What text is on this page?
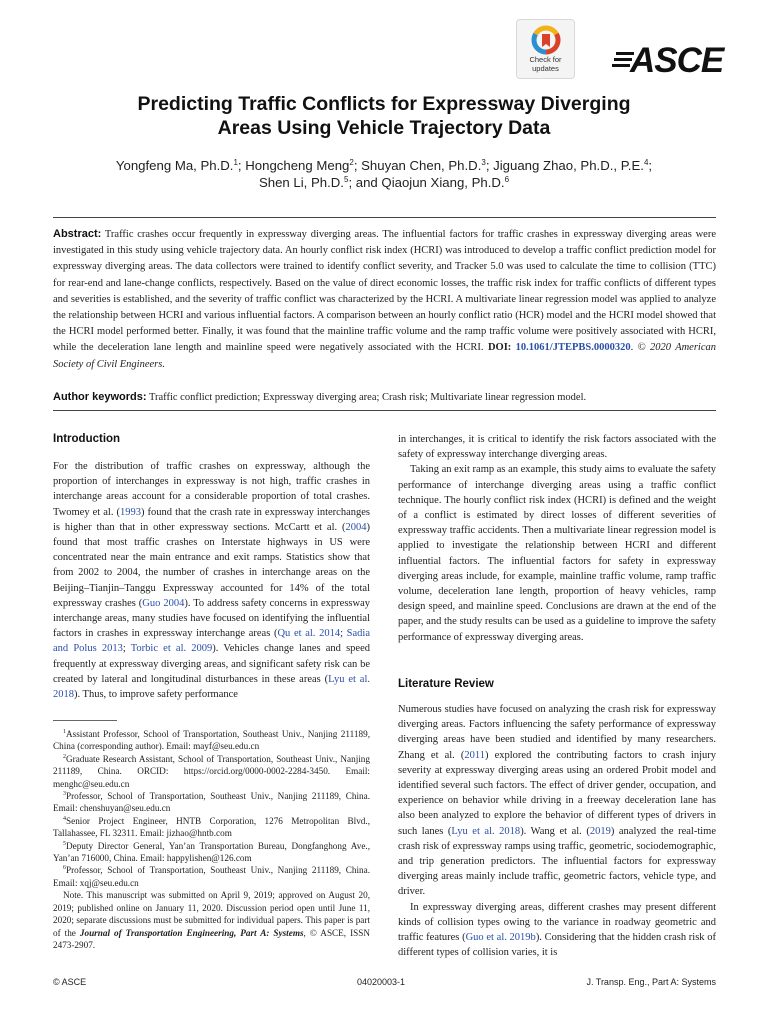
Check for
updates	ASCE
Predicting Traffic Conflicts for Expressway Diverging
Areas Using Vehicle Trajectory Data
Yongfeng Ma, Ph.D.$^1$; Hongcheng Meng$^2$; Shuyan Chen, Ph.D.$^3$; Jiguang Zhao, Ph.D., P.E.$^4$;
Shen Li, Ph.D.$^5$; and Qiaojun Xiang, Ph.D.$^6$
Abstract: Traffic crashes occur frequently in expressway diverging areas. The influential factors for traffic crashes in expressway diverging areas were investigated in this study using vehicle trajectory data. An hourly conflict risk index (HCRI) was introduced to develop a traffic conflict prediction model for expressway diverging areas. The data collectors were trained to identify conflict severity, and Tracker 5.0 was used to calculate the time to collision (TTC) for rear-end and lane-change conflicts, respectively. Based on the value of direct economic losses, the traffic risk index for traffic conflicts of different types and severities is established, and the severity of traffic conflict was characterized by the HCRI. A multivariate linear regression model was applied to analyze the relationship between HCRI and various influential factors. A comparison between an hourly conflict ratio (HCR) model and the HCRI model showed that the HCRI model performed better. Finally, it was found that the mainline traffic volume and the ramp traffic volume were positively associated with HCRI, while the deceleration lane length and mainline speed were negatively associated with the HCRI. DOI: 10.1061/JTEPBS.0000320. © 2020 American Society of Civil Engineers.
Author keywords: Traffic conflict prediction; Expressway diverging area; Crash risk; Multivariate linear regression model.
Introduction

For the distribution of traffic crashes on expressway, although the proportion of interchanges in expressway is not high, traffic crashes in interchange areas account for a considerable proportion of total crashes. Twomey et al. (1993) found that the crash rate in expressway interchanges is higher than that in other expressway sections. McCartt et al. (2004) found that most traffic crashes on Interstate highways in US were concentrated near the main entrance and exit ramps. Statistics show that from 2002 to 2004, the number of crashes in interchange areas on the Beijing–Tianjin–Tanggu Expressway accounted for 14% of the total expressway crashes (Guo 2004). To address safety concerns in expressway interchange areas, many studies have focused on identifying the influential factors in crashes in expressway interchange areas (Qu et al. 2014; Sadia and Polus 2013; Torbic et al. 2009). Vehicles change lanes and speed frequently at expressway diverging areas, and significant safety risk can be created by lateral and longitudinal disturbances in these areas (Lyu et al. 2018). Thus, to improve safety performance

$^1$Assistant Professor, School of Transportation, Southeast Univ., Nanjing 211189, China (corresponding author). Email: mayf@seu.edu.cn

$^2$Graduate Research Assistant, School of Transportation, Southeast Univ., Nanjing 211189, China. ORCID: https://orcid.org/0000-0002-2284-3450. Email: menghc@seu.edu.cn

$^3$Professor, School of Transportation, Southeast Univ., Nanjing 211189, China. Email: chenshuyan@seu.edu.cn

$^4$Senior Project Engineer, HNTB Corporation, 1276 Metropolitan Blvd., Tallahassee, FL 32311. Email: jizhao@hntb.com

$^5$Deputy Director General, Yan’an Transportation Bureau, Dongfanghong Ave., Yan’an 716000, China. Email: happylishen@126.com

$^6$Professor, School of Transportation, Southeast Univ., Nanjing 211189, China. Email: xqj@seu.edu.cn

Note. This manuscript was submitted on April 9, 2019; approved on August 20, 2019; published online on January 11, 2020. Discussion period open until June 11, 2020; separate discussions must be submitted for individual papers. This paper is part of the Journal of Transportation Engineering, Part A: Systems, © ASCE, ISSN 2473-2907.

in interchanges, it is critical to identify the risk factors associated with the safety of expressway interchange diverging areas.

Taking an exit ramp as an example, this study aims to evaluate the safety performance of interchange diverging areas using a traffic conflict technique. The hourly conflict risk index (HCRI) is defined and the weight of a conflict is estimated by direct losses of different severities of expressway traffic accidents. Then a multivariate linear regression model is applied to investigate the relationship between HCRI and different influential factors. The influential factors for safety in expressway diverging areas include, for example, mainline traffic volume, ramp traffic volume, deceleration lane length, proportion of heavy vehicles, ramp design speed, and mainline speed. Conclusions are drawn at the end of the paper, and the study results can be used as a guideline to improve the safety performance of expressway diverging areas.

Literature Review

Numerous studies have focused on analyzing the crash risk for expressway diverging areas. Factors influencing the safety performance of expressway diverging areas have been studied and identified by many researchers. Zhang et al. (2011) explored the contributing factors to crash injury severity at expressway diverging areas using an ordered Probit model and identified several such factors. The effect of driver gender, occupation, and experience on behavior while driving in a freeway deceleration lane has also been analyzed to explore the behavior of different types of drivers in such lanes (Lyu et al. 2018). Wang et al. (2019) analyzed the real-time crash risk of expressway ramps using traffic, geometric, sociodemographic, and trip generation predictors. The influential factors for expressway diverging areas mainly include traffic, geometric factors, vehicle type, and driver.

In expressway diverging areas, different crashes may present different kinds of collision types owing to the variance in roadway geometric and traffic features (Guo et al. 2019b). Considering that the hidden crash risk of different types of collision varies, it is

© ASCE	04020003-1	J. Transp. Eng., Part A: Systems
